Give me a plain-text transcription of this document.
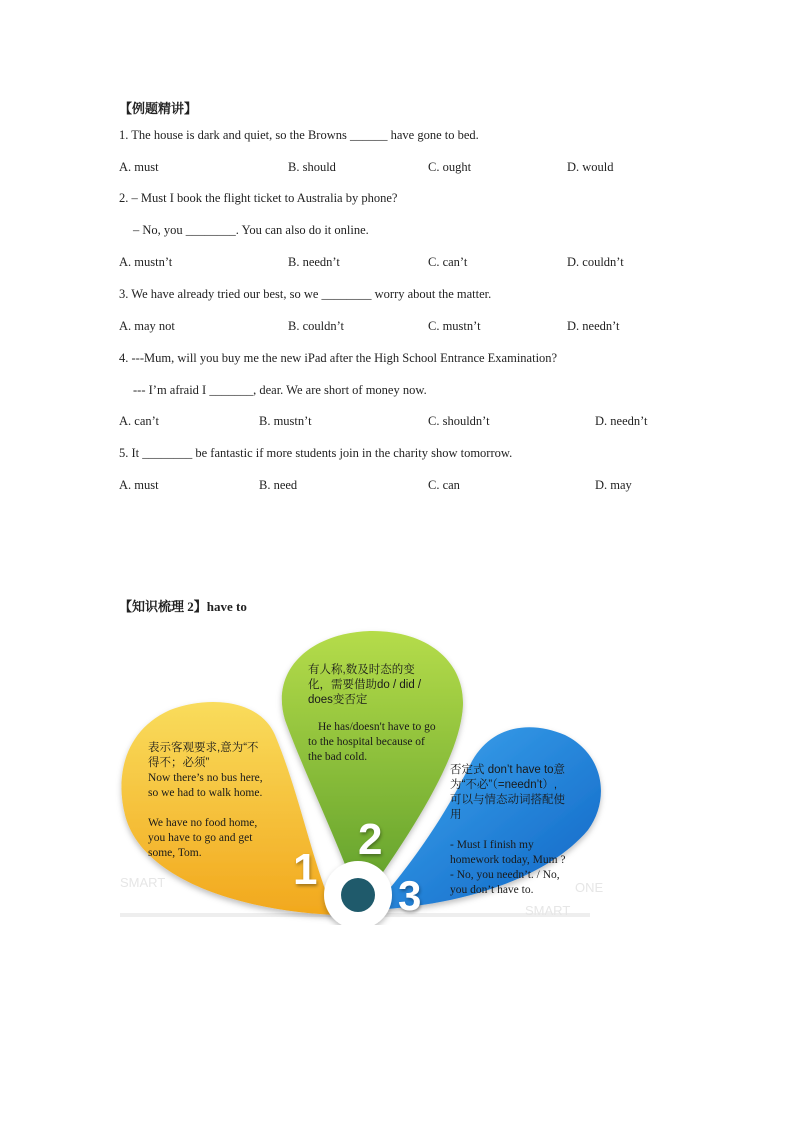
【例题精讲】
1. The house is dark and quiet, so the Browns ______ have gone to bed.
A. must	B. should	C. ought	D. would
2. – Must I book the flight ticket to Australia by phone?
– No, you ________. You can also do it online.
A. mustn’t	B. needn’t	C. can’t	D. couldn’t
3. We have already tried our best, so we ________ worry about the matter.
A. may not	B. couldn’t	C. mustn’t	D. needn’t
4. ---Mum, will you buy me the new iPad after the High School Entrance Examination?
--- I’m afraid I _______, dear. We are short of money now.
A. can’t	B. mustn’t	C. shouldn’t	D. needn’t
5. It ________ be fantastic if more students join in the charity show tomorrow.
A. must	B. need	C. can	D. may
【知识梳理 2】have to
SMART	ONE
SMART
1
2
3
表示客观要求,意为“不
得不；必须”
Now there’s no bus here,
so we had to walk home.
We have no food home,
you have to go and get
some, Tom.
有人称,数及时态的变
化，需要借助do / did /
does变否定
He has/doesn't have to go
to the hospital because of
the bad cold.
否定式 don’t have to意
为“不必”（=needn’t）,
可以与情态动词搭配使
用
- Must I finish my
homework today, Mum ?
- No, you needn’t. / No,
you don’t have to.
